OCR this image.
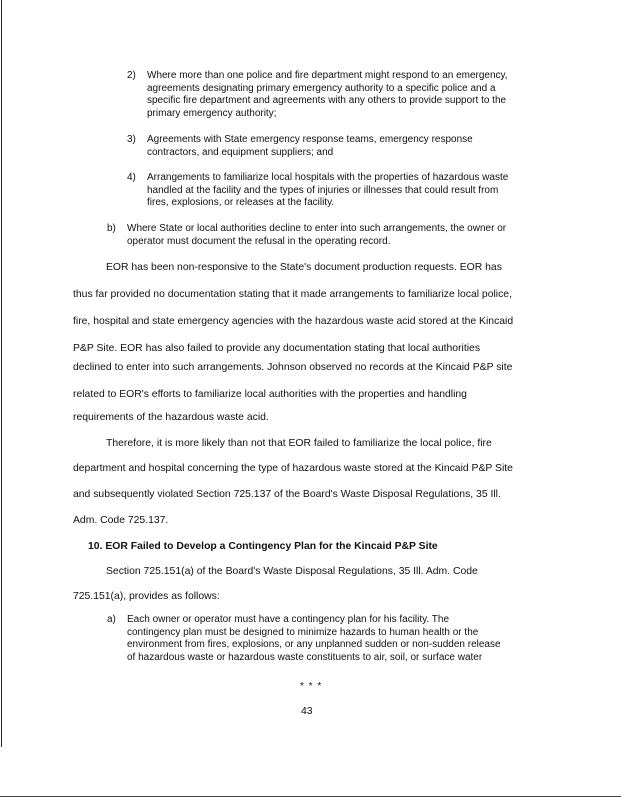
2) Where more than one police and fire department might respond to an emergency,
agreements designating primary emergency authority to a specific police and a
specific fire department and agreements with any others to provide support to the
primary emergency authority;
3) Agreements with State emergency response teams, emergency response
contractors, and equipment suppliers; and
4) Arrangements to familiarize local hospitals with the properties of hazardous waste
handled at the facility and the types of injuries or illnesses that could result from
fires, explosions, or releases at the facility.
b) Where State or local authorities decline to enter into such arrangements, the owner or
operator must document the refusal in the operating record.
EOR has been non-responsive to the State's document production requests. EOR has
thus far provided no documentation stating that it made arrangements to familiarize local police,
fire, hospital and state emergency agencies with the hazardous waste acid stored at the Kincaid
P&P Site. EOR has also failed to provide any documentation stating that local authorities
declined to enter into such arrangements. Johnson observed no records at the Kincaid P&P site
related to EOR's efforts to familiarize local authorities with the properties and handling
requirements of the hazardous waste acid.
Therefore, it is more likely than not that EOR failed to familiarize the local police, fire
department and hospital concerning the type of hazardous waste stored at the Kincaid P&P Site
and subsequently violated Section 725.137 of the Board's Waste Disposal Regulations, 35 Ill.
Adm. Code 725.137.
10. EOR Failed to Develop a Contingency Plan for the Kincaid P&P Site
Section 725.151(a) of the Board's Waste Disposal Regulations, 35 Ill. Adm. Code
725.151(a), provides as follows:
a) Each owner or operator must have a contingency plan for his facility. The
contingency plan must be designed to minimize hazards to human health or the
environment from fires, explosions, or any unplanned sudden or non-sudden release
of hazardous waste or hazardous waste constituents to air, soil, or surface water
* * *
43
